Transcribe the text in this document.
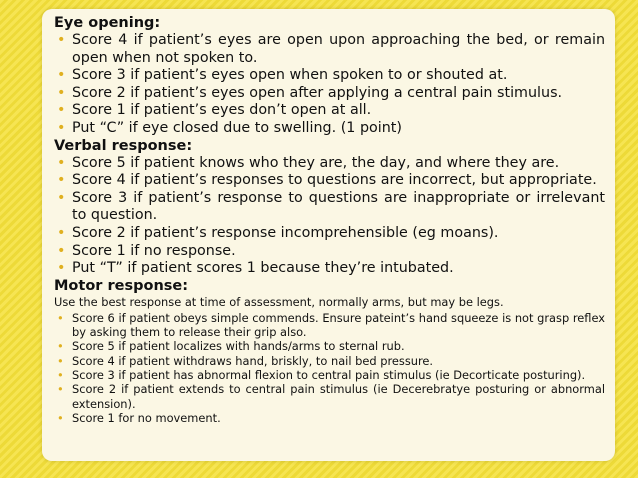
Eye opening:

• Score 4 if patient’s eyes are open upon approaching the bed, or remain open when not spoken to.
• Score 3 if patient’s eyes open when spoken to or shouted at.
• Score 2 if patient’s eyes open after applying a central pain stimulus.
• Score 1 if patient’s eyes don’t open at all.
• Put “C” if eye closed due to swelling. (1 point)

Verbal response:

• Score 5 if patient knows who they are, the day, and where they are.
• Score 4 if patient’s responses to questions are incorrect, but appropriate.
• Score 3 if patient’s response to questions are inappropriate or irrelevant to question.
• Score 2 if patient’s response incomprehensible (eg moans).
• Score 1 if no response.
• Put “T” if patient scores 1 because they’re intubated.

Motor response:

Use the best response at time of assessment, normally arms, but may be legs.

• Score 6 if patient obeys simple commends. Ensure pateint’s hand squeeze is not grasp reflex by asking them to release their grip also.
• Score 5 if patient localizes with hands/arms to sternal rub.
• Score 4 if patient withdraws hand, briskly, to nail bed pressure.
• Score 3 if patient has abnormal flexion to central pain stimulus (ie Decorticate posturing).
• Score 2 if patient extends to central pain stimulus (ie Decerebratye posturing or abnormal extension).
• Score 1 for no movement.
